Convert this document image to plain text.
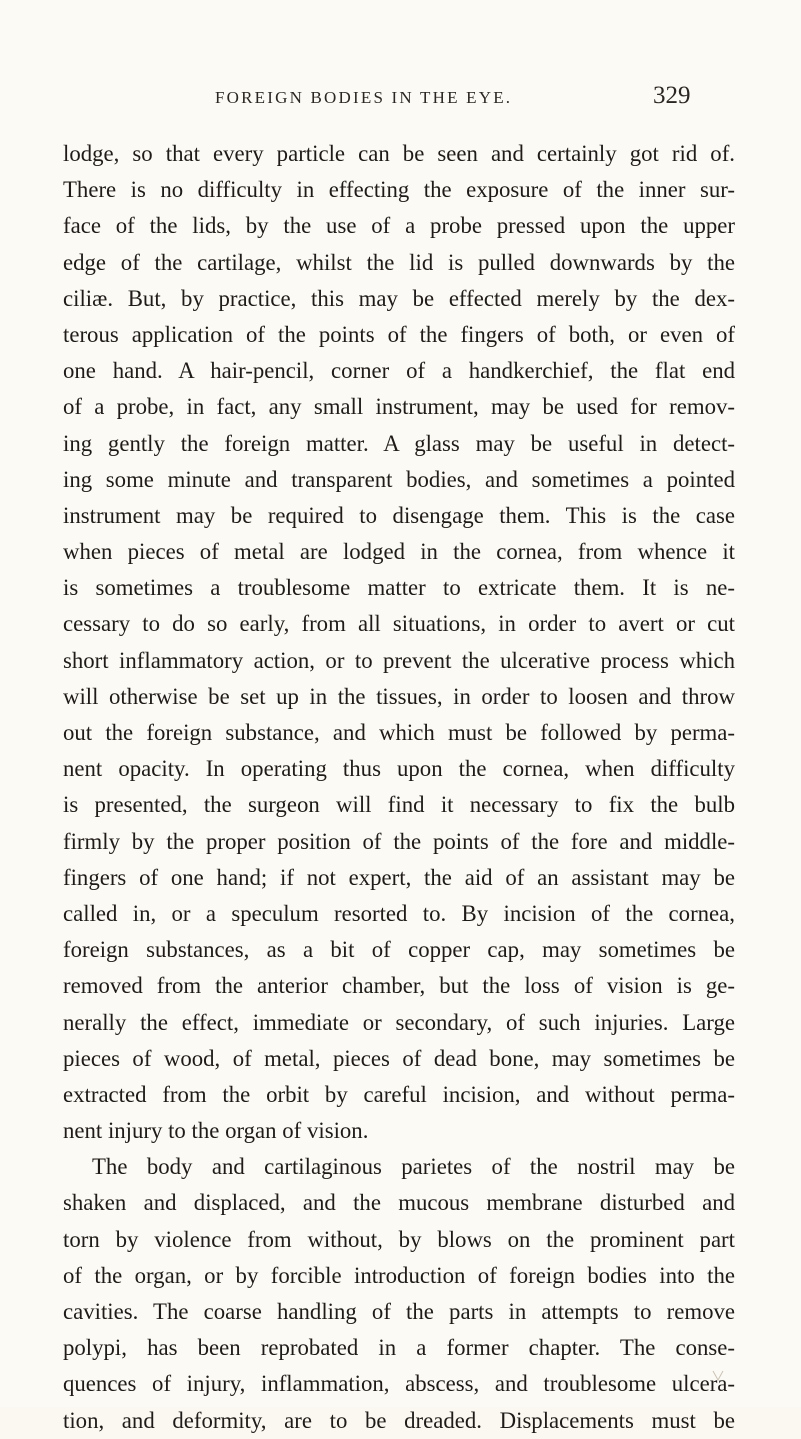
FOREIGN BODIES IN THE EYE.	329
lodge, so that every particle can be seen and certainly got rid of.
There is no difficulty in effecting the exposure of the inner sur-
face of the lids, by the use of a probe pressed upon the upper
edge of the cartilage, whilst the lid is pulled downwards by the
ciliæ. But, by practice, this may be effected merely by the dex-
terous application of the points of the fingers of both, or even of
one hand. A hair-pencil, corner of a handkerchief, the flat end
of a probe, in fact, any small instrument, may be used for remov-
ing gently the foreign matter. A glass may be useful in detect-
ing some minute and transparent bodies, and sometimes a pointed
instrument may be required to disengage them. This is the case
when pieces of metal are lodged in the cornea, from whence it
is sometimes a troublesome matter to extricate them. It is ne-
cessary to do so early, from all situations, in order to avert or cut
short inflammatory action, or to prevent the ulcerative process which
will otherwise be set up in the tissues, in order to loosen and throw
out the foreign substance, and which must be followed by perma-
nent opacity. In operating thus upon the cornea, when difficulty
is presented, the surgeon will find it necessary to fix the bulb
firmly by the proper position of the points of the fore and middle-
fingers of one hand; if not expert, the aid of an assistant may be
called in, or a speculum resorted to. By incision of the cornea,
foreign substances, as a bit of copper cap, may sometimes be
removed from the anterior chamber, but the loss of vision is ge-
nerally the effect, immediate or secondary, of such injuries. Large
pieces of wood, of metal, pieces of dead bone, may sometimes be
extracted from the orbit by careful incision, and without perma-
nent injury to the organ of vision.
The body and cartilaginous parietes of the nostril may be
shaken and displaced, and the mucous membrane disturbed and
torn by violence from without, by blows on the prominent part
of the organ, or by forcible introduction of foreign bodies into the
cavities. The coarse handling of the parts in attempts to remove
polypi, has been reprobated in a former chapter. The conse-
quences of injury, inflammation, abscess, and troublesome ulcera-
tion, and deformity, are to be dreaded. Displacements must be
